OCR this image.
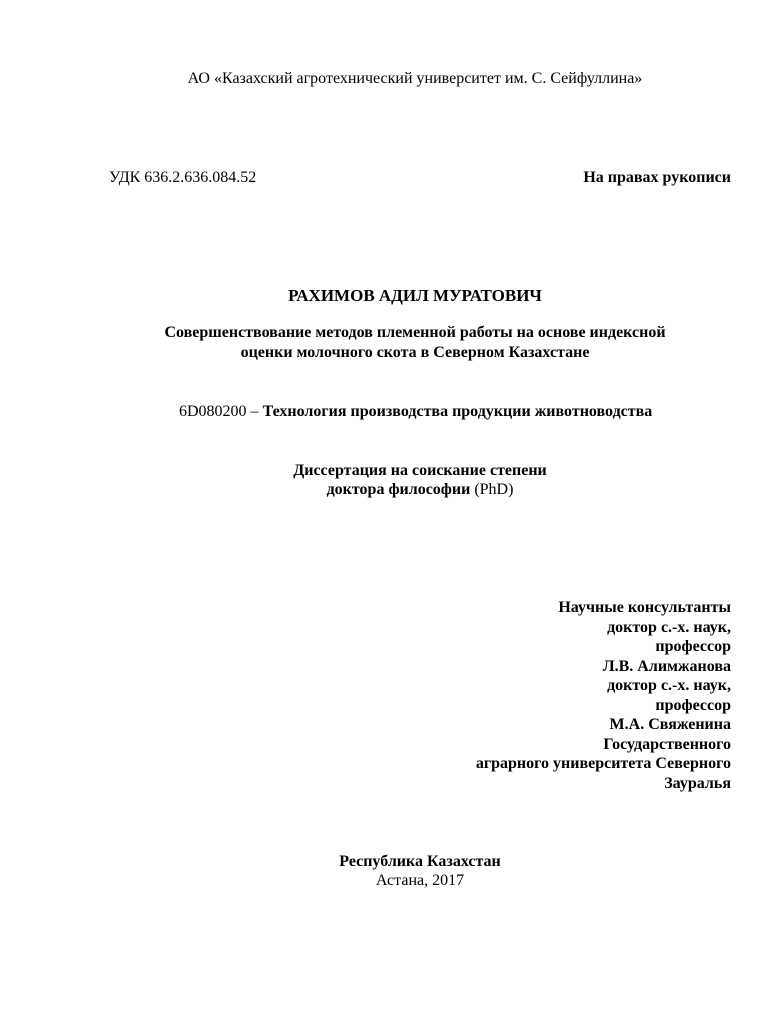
АО «Казахский агротехнический университет им. С. Сейфуллина»
УДК 636.2.636.084.52	На правах рукописи
РАХИМОВ АДИЛ МУРАТОВИЧ
Совершенствование методов племенной работы на основе индексной
оценки молочного скота в Северном Казахстане
6D080200 – Технология производства продукции животноводства
Диссертация на соискание степени
доктора философии (PhD)
Научные консультанты
доктор с.-х. наук,
профессор
Л.В. Алимжанова
доктор с.-х. наук,
профессор
М.А. Свяженина
Государственного
аграрного университета Северного
Зауралья
Республика Казахстан
Астана, 2017
